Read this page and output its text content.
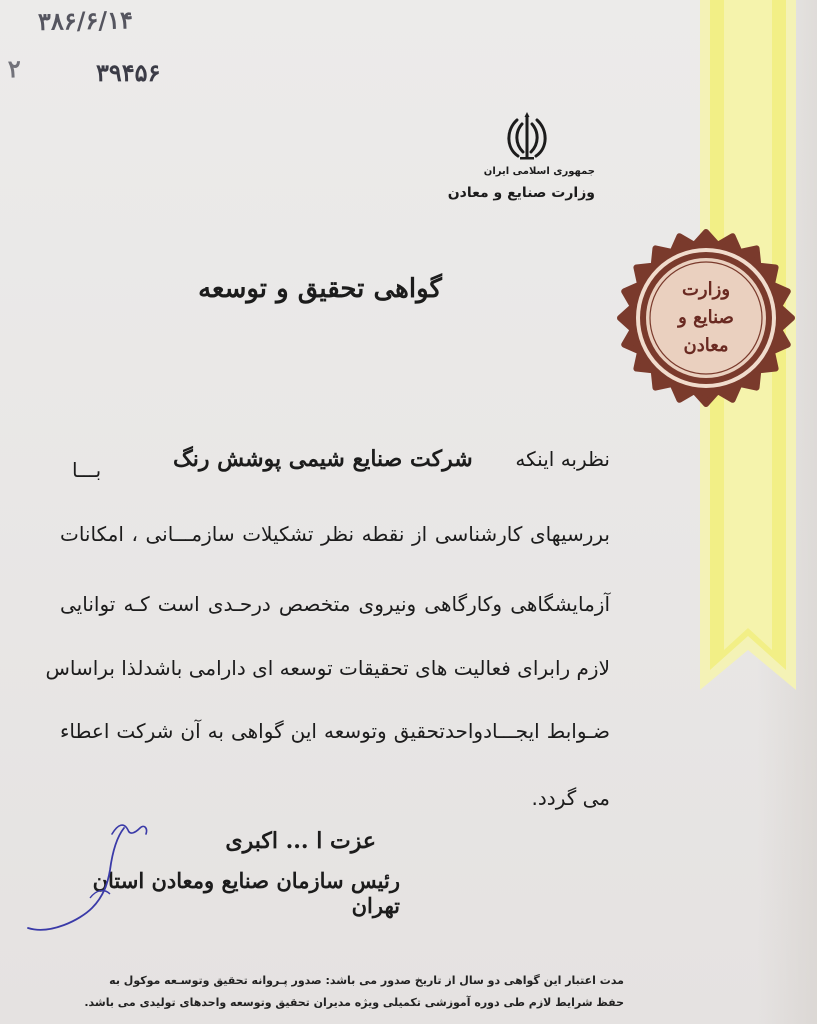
وزارت
صنایع و
معادن
۳۸۶/۶/۱۴
۲	۳۹۴۵۶
جمهوری اسلامی ایران
وزارت صنایع و معادن
گواهی تحقیق و توسعه
نظربه اینکه  شرکت صنایع شیمی پوشش رنگ
بـــا
بررسیهای کارشناسی از نقطه نظر تشکیلات سازمـــانی ، امکانات
آزمایشگاهی وکارگاهی ونیروی متخصص درحـدی است کـه توانایی
لازم رابرای فعالیت های تحقیقات توسعه ای دارامی باشدلذا براساس
ضـوابط ایجـــادواحدتحقیق وتوسعه این گواهی به آن شرکت اعطاء
می گردد.
عزت ا ... اکبری
رئیس سازمان صنایع ومعادن استان تهران
مدت اعتبار این گواهی دو سال از تاریخ صدور می باشد: صدور پـروانه تحقیق وتوسـعه موکول به
حفظ شرایط لازم طی دوره آموزشی تکمیلی ویژه مدیران تحقیق وتوسعه واحدهای تولیدی می باشد.
